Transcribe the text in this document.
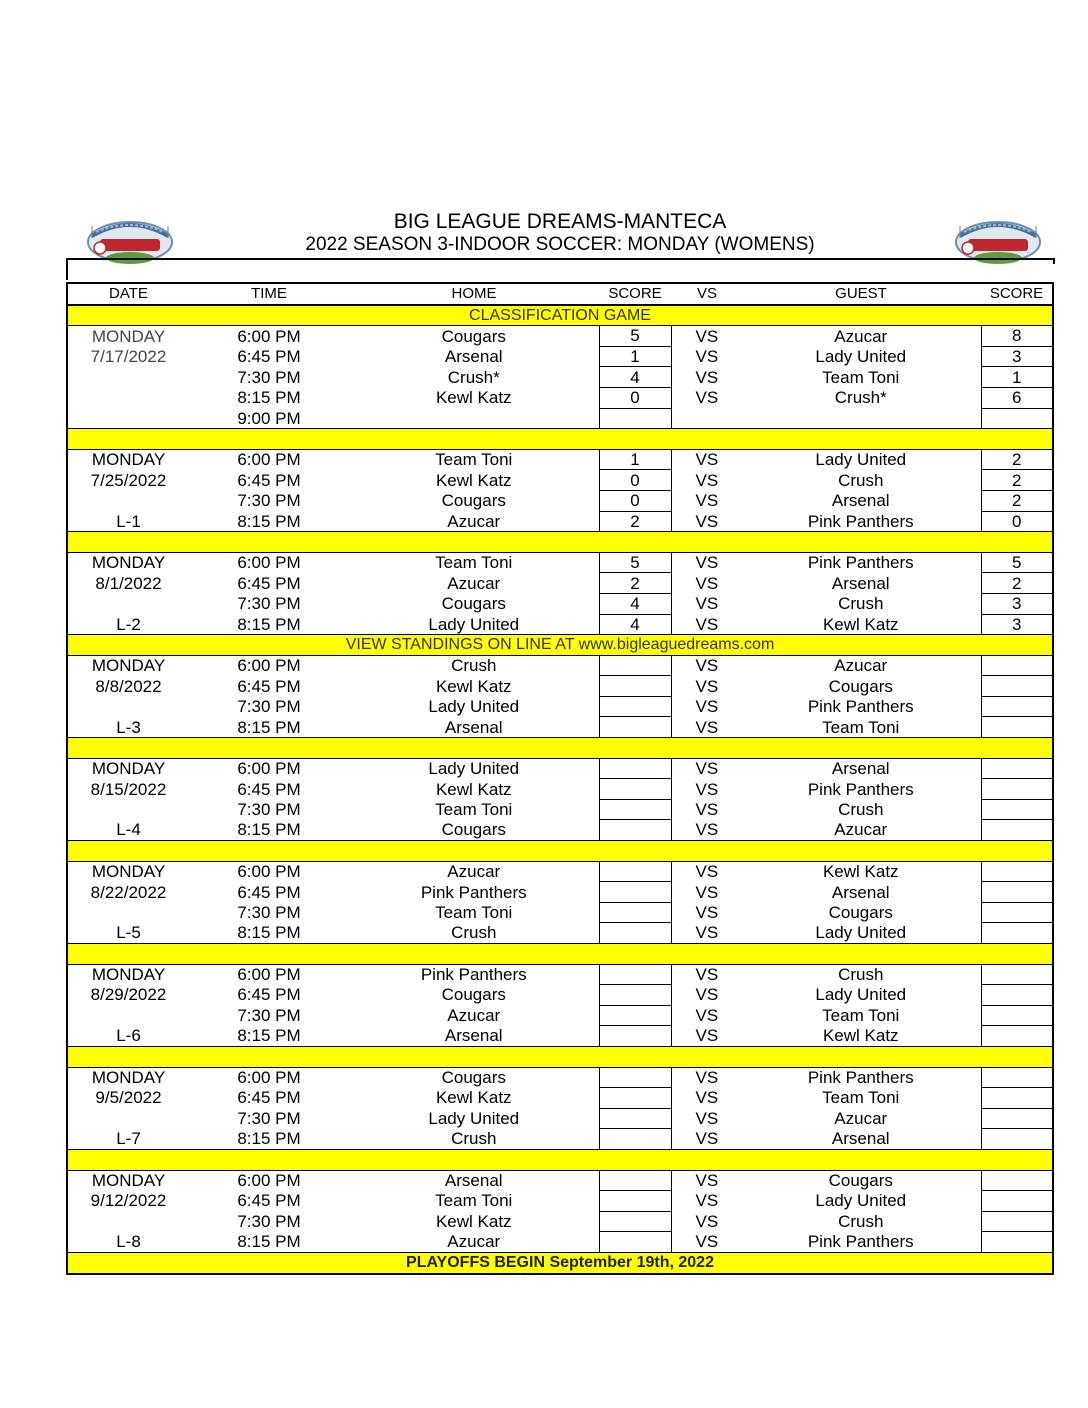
BIG LEAGUE DREAMS-MANTECA
2022 SEASON 3-INDOOR SOCCER: MONDAY (WOMENS)
DATE	TIME	HOME	SCORE	VS	GUEST	SCORE
CLASSIFICATION GAME						
MONDAY	6:00 PM	Cougars	5	VS	Azucar	8
7/17/2022	6:45 PM	Arsenal	1	VS	Lady United	3
	7:30 PM	Crush*	4	VS	Team Toni	1
	8:15 PM	Kewl Katz	0	VS	Crush*	6
	9:00 PM					

MONDAY	6:00 PM	Team Toni	1	VS	Lady United	2
7/25/2022	6:45 PM	Kewl Katz	0	VS	Crush	2
	7:30 PM	Cougars	0	VS	Arsenal	2
L-1	8:15 PM	Azucar	2	VS	Pink Panthers	0

MONDAY	6:00 PM	Team Toni	5	VS	Pink Panthers	5
8/1/2022	6:45 PM	Azucar	2	VS	Arsenal	2
	7:30 PM	Cougars	4	VS	Crush	3
L-2	8:15 PM	Lady United	4	VS	Kewl Katz	3
VIEW STANDINGS ON LINE AT www.bigleaguedreams.com						
MONDAY	6:00 PM	Crush		VS	Azucar	
8/8/2022	6:45 PM	Kewl Katz		VS	Cougars	
	7:30 PM	Lady United		VS	Pink Panthers	
L-3	8:15 PM	Arsenal		VS	Team Toni	

MONDAY	6:00 PM	Lady United		VS	Arsenal	
8/15/2022	6:45 PM	Kewl Katz		VS	Pink Panthers	
	7:30 PM	Team Toni		VS	Crush	
L-4	8:15 PM	Cougars		VS	Azucar	

MONDAY	6:00 PM	Azucar		VS	Kewl Katz	
8/22/2022	6:45 PM	Pink Panthers		VS	Arsenal	
	7:30 PM	Team Toni		VS	Cougars	
L-5	8:15 PM	Crush		VS	Lady United	

MONDAY	6:00 PM	Pink Panthers		VS	Crush	
8/29/2022	6:45 PM	Cougars		VS	Lady United	
	7:30 PM	Azucar		VS	Team Toni	
L-6	8:15 PM	Arsenal		VS	Kewl Katz	

MONDAY	6:00 PM	Cougars		VS	Pink Panthers	
9/5/2022	6:45 PM	Kewl Katz		VS	Team Toni	
	7:30 PM	Lady United		VS	Azucar	
L-7	8:15 PM	Crush		VS	Arsenal	

MONDAY	6:00 PM	Arsenal		VS	Cougars	
9/12/2022	6:45 PM	Team Toni		VS	Lady United	
	7:30 PM	Kewl Katz		VS	Crush	
L-8	8:15 PM	Azucar		VS	Pink Panthers	
PLAYOFFS BEGIN September 19th, 2022						
